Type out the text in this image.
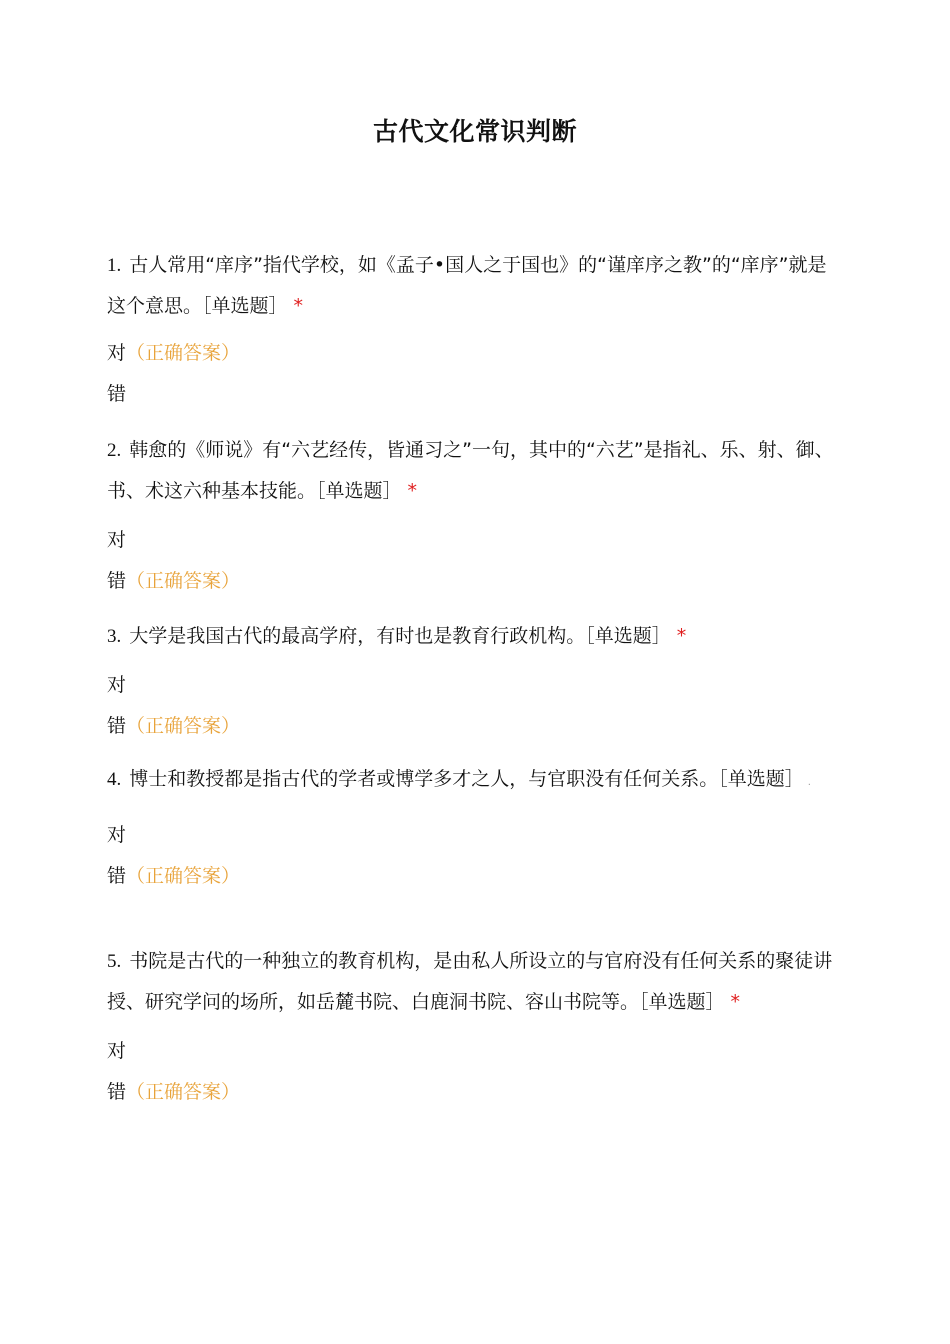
古代文化常识判断

1. 古人常用“庠序”指代学校，如《孟子•国人之于国也》的“谨庠序之教”的“庠序”就是这个意思。［单选题］ *

对（正确答案）

错

2. 韩愈的《师说》有“六艺经传，皆通习之”一句，其中的“六艺”是指礼、乐、射、御、书、术这六种基本技能。［单选题］ *

对

错（正确答案）

3. 大学是我国古代的最高学府，有时也是教育行政机构。［单选题］ *

对

错（正确答案）

4. 博士和教授都是指古代的学者或博学多才之人，与官职没有任何关系。［单选题］ .

对

错（正确答案）

5. 书院是古代的一种独立的教育机构，是由私人所设立的与官府没有任何关系的聚徒讲授、研究学问的场所，如岳麓书院、白鹿洞书院、容山书院等。［单选题］ *

对

错（正确答案）
